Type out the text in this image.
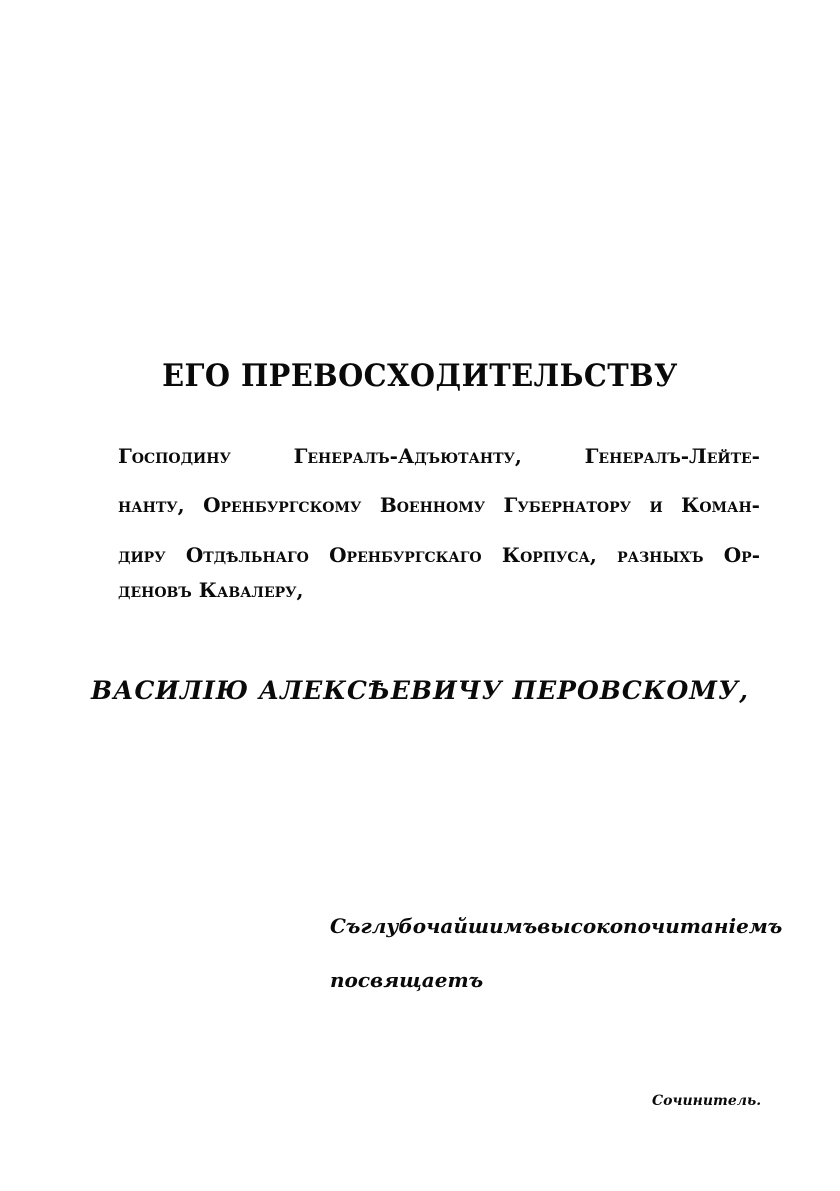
ЕГО ПРЕВОСХОДИТЕЛЬСТВУ
Господину	Генералъ-Адъютанту,	Генералъ-Лейте-
нанту, Оренбургскому Военному Губернатору и Коман-
диру Отдѣльнаго Оренбургскаго Корпуса, разныхъ Ор-
деновъ Кавалеру,
ВАСИЛІЮ АЛЕКСѢЕВИЧУ ПЕРОВСКОМУ,
Съ глубочайшимъ высокопочитаніемъ
посвящаетъ
Сочинитель.
